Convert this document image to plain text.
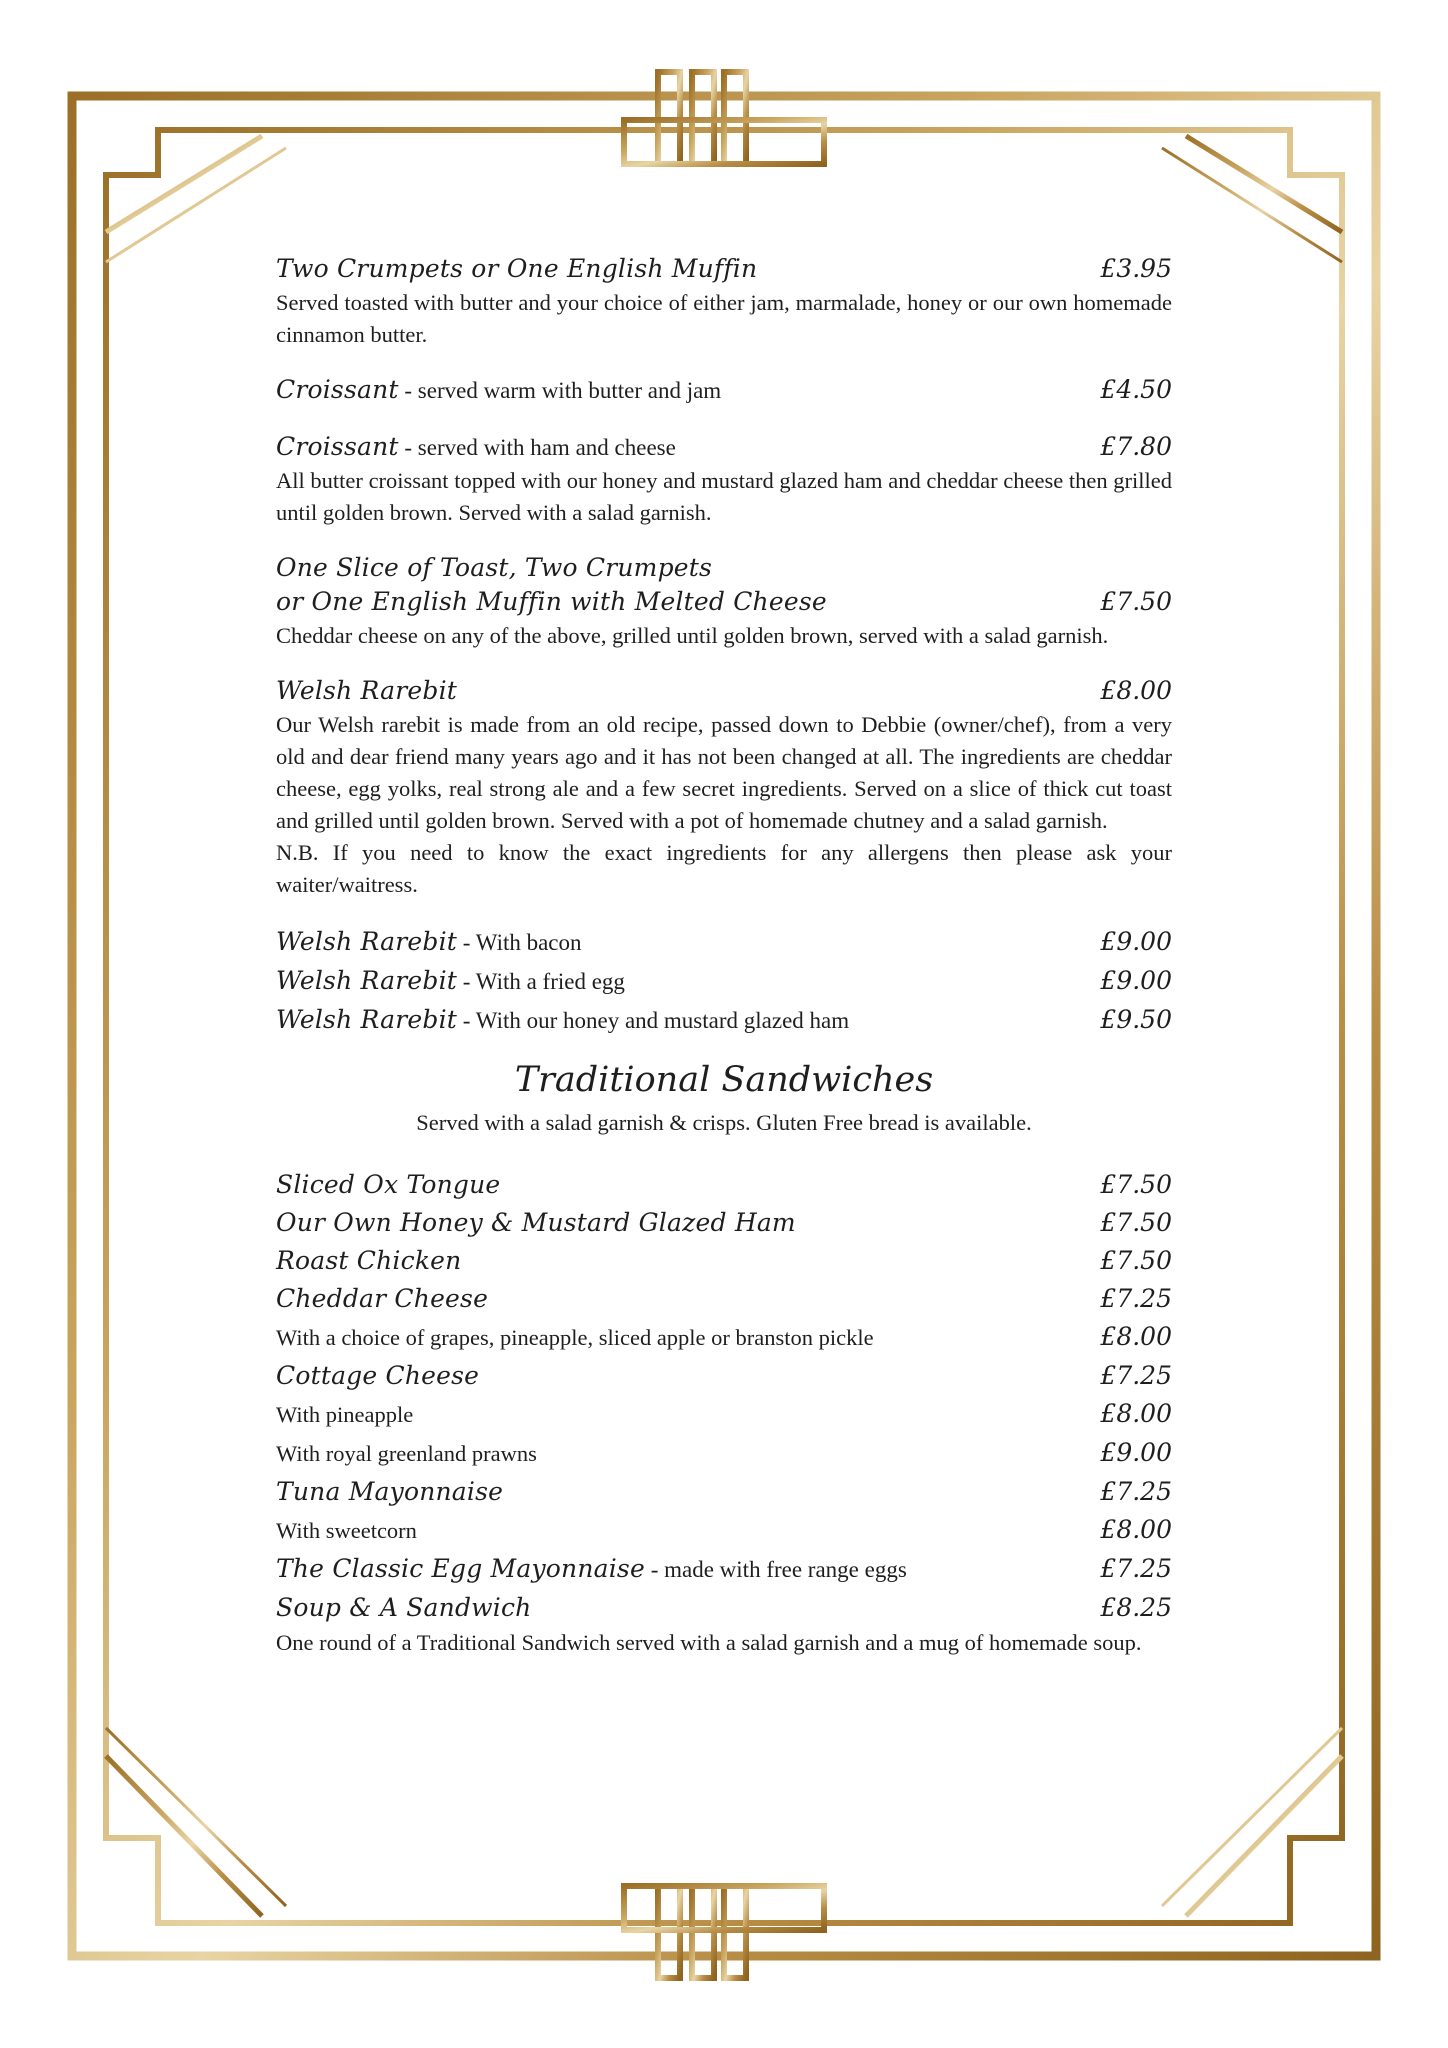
Two Crumpets or One English Muffin	£3.95
Served toasted with butter and your choice of either jam, marmalade, honey or our own homemade cinnamon butter.
Croissant - served warm with butter and jam	£4.50
Croissant - served with ham and cheese	£7.80
All butter croissant topped with our honey and mustard glazed ham and cheddar cheese then grilled until golden brown. Served with a salad garnish.
One Slice of Toast, Two Crumpets
or One English Muffin with Melted Cheese	£7.50
Cheddar cheese on any of the above, grilled until golden brown, served with a salad garnish.
Welsh Rarebit	£8.00
Our Welsh rarebit is made from an old recipe, passed down to Debbie (owner/chef), from a very old and dear friend many years ago and it has not been changed at all. The ingredients are cheddar cheese, egg yolks, real strong ale and a few secret ingredients. Served on a slice of thick cut toast and grilled until golden brown. Served with a pot of homemade chutney and a salad garnish.
N.B. If you need to know the exact ingredients for any allergens then please ask your waiter/waitress.
Welsh Rarebit - With bacon	£9.00
Welsh Rarebit - With a fried egg	£9.00
Welsh Rarebit - With our honey and mustard glazed ham	£9.50
Traditional Sandwiches
Served with a salad garnish & crisps. Gluten Free bread is available.
Sliced Ox Tongue	£7.50
Our Own Honey & Mustard Glazed Ham	£7.50
Roast Chicken	£7.50
Cheddar Cheese	£7.25
With a choice of grapes, pineapple, sliced apple or branston pickle	£8.00
Cottage Cheese	£7.25
With pineapple	£8.00
With royal greenland prawns	£9.00
Tuna Mayonnaise	£7.25
With sweetcorn	£8.00
The Classic Egg Mayonnaise - made with free range eggs	£7.25
Soup & A Sandwich	£8.25
One round of a Traditional Sandwich served with a salad garnish and a mug of homemade soup.
